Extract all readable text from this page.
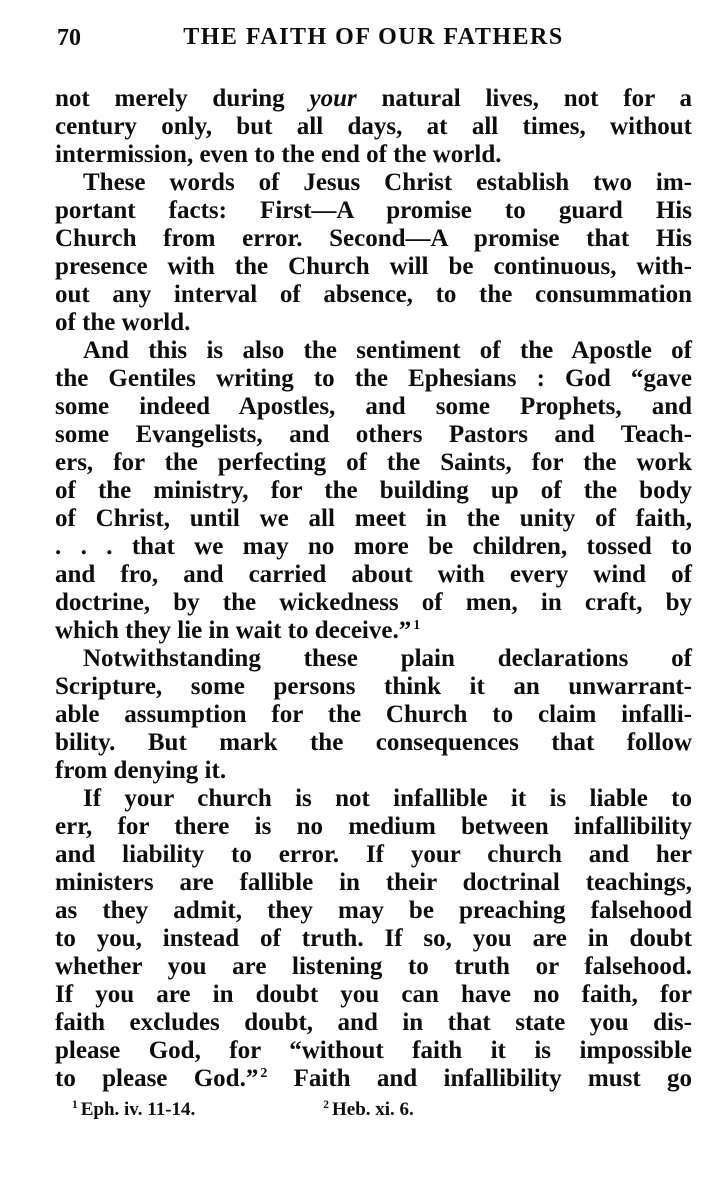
70	THE FAITH OF OUR FATHERS
not merely during your natural lives, not for a
century only, but all days, at all times, without
intermission, even to the end of the world.
These words of Jesus Christ establish two im-
portant facts: First—A promise to guard His
Church from error. Second—A promise that His
presence with the Church will be continuous, with-
out any interval of absence, to the consummation
of the world.
And this is also the sentiment of the Apostle of
the Gentiles writing to the Ephesians : God “gave
some indeed Apostles, and some Prophets, and
some Evangelists, and others Pastors and Teach-
ers, for the perfecting of the Saints, for the work
of the ministry, for the building up of the body
of Christ, until we all meet in the unity of faith,
. . . that we may no more be children, tossed to
and fro, and carried about with every wind of
doctrine, by the wickedness of men, in craft, by
which they lie in wait to deceive.” $^1$
Notwithstanding these plain declarations of
Scripture, some persons think it an unwarrant-
able assumption for the Church to claim infalli-
bility. But mark the consequences that follow
from denying it.
If your church is not infallible it is liable to
err, for there is no medium between infallibility
and liability to error. If your church and her
ministers are fallible in their doctrinal teachings,
as they admit, they may be preaching falsehood
to you, instead of truth. If so, you are in doubt
whether you are listening to truth or falsehood.
If you are in doubt you can have no faith, for
faith excludes doubt, and in that state you dis-
please God, for “without faith it is impossible
to please God.” $^2$ Faith and infallibility must go
$^1$ Eph. iv. 11-14.	$^2$ Heb. xi. 6.
